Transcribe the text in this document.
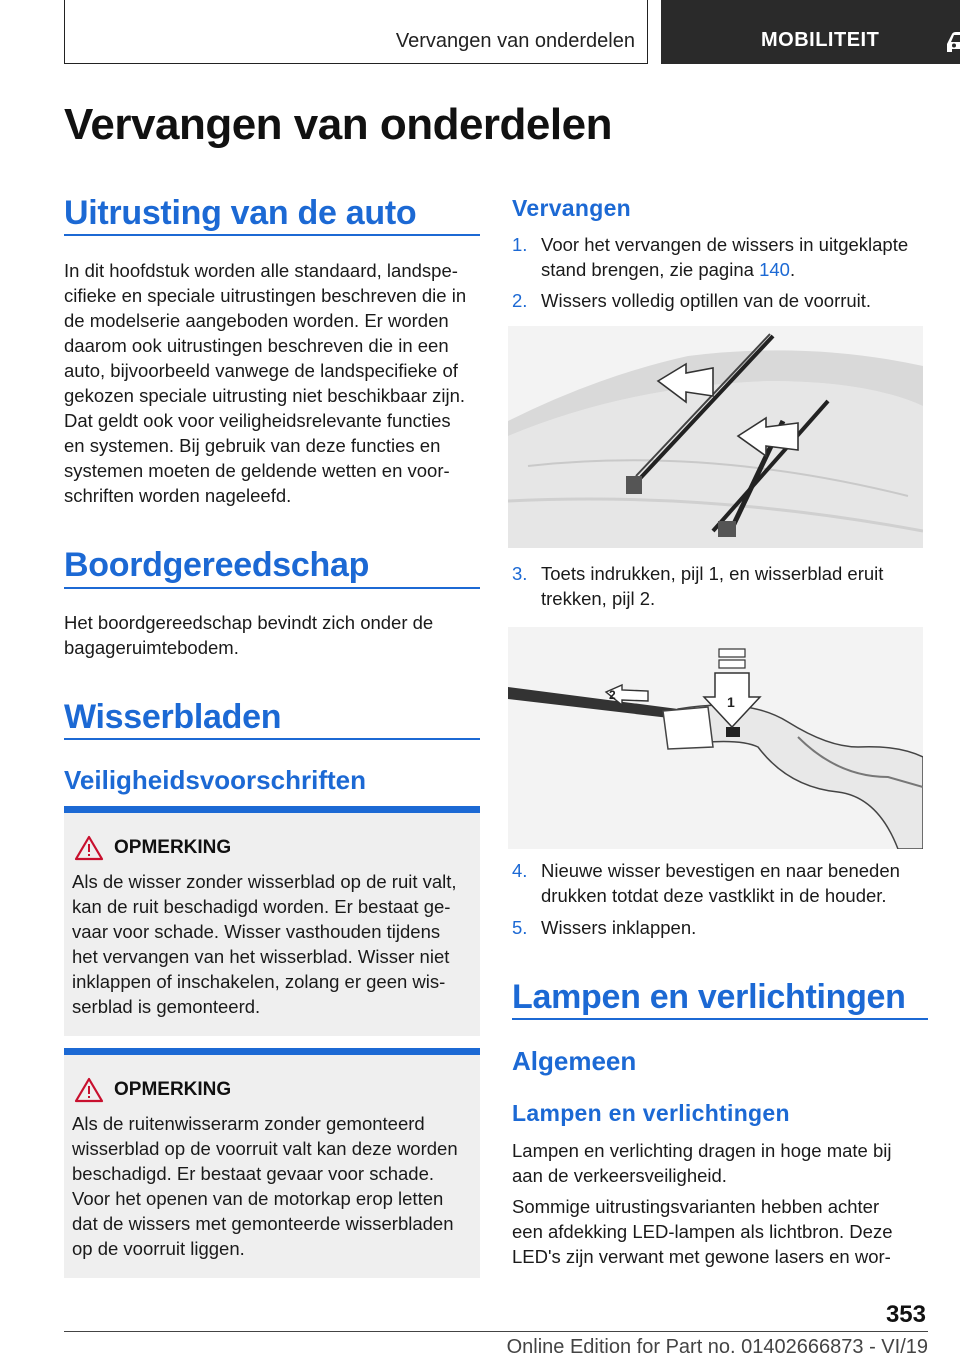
Vervangen van onderdelen	MOBILITEIT
Vervangen van onderdelen
Uitrusting van de auto
In dit hoofdstuk worden alle standaard, landspe‐
cifieke en speciale uitrustingen beschreven die in
de modelserie aangeboden worden. Er worden
daarom ook uitrustingen beschreven die in een
auto, bijvoorbeeld vanwege de landspecifieke of
gekozen speciale uitrusting niet beschikbaar zijn.
Dat geldt ook voor veiligheidsrelevante functies
en systemen. Bij gebruik van deze functies en
systemen moeten de geldende wetten en voor‐
schriften worden nageleefd.
Boordgereedschap
Het boordgereedschap bevindt zich onder de
bagageruimtebodem.
Wisserbladen
Veiligheidsvoorschriften
OPMERKING
Als de wisser zonder wisserblad op de ruit valt,
kan de ruit beschadigd worden. Er bestaat ge‐
vaar voor schade. Wisser vasthouden tijdens
het vervangen van het wisserblad. Wisser niet
inklappen of inschakelen, zolang er geen wis‐
serblad is gemonteerd.
OPMERKING
Als de ruitenwisserarm zonder gemonteerd
wisserblad op de voorruit valt kan deze worden
beschadigd. Er bestaat gevaar voor schade.
Voor het openen van de motorkap erop letten
dat de wissers met gemonteerde wisserbladen
op de voorruit liggen.
Vervangen
1. Voor het vervangen de wissers in uitgeklapte
stand brengen, zie pagina 140.
2. Wissers volledig optillen van de voorruit.
3. Toets indrukken, pijl 1, en wisserblad eruit
trekken, pijl 2.
2	1
4. Nieuwe wisser bevestigen en naar beneden
drukken totdat deze vastklikt in de houder.
5. Wissers inklappen.
Lampen en verlichtingen
Algemeen
Lampen en verlichtingen
Lampen en verlichting dragen in hoge mate bij
aan de verkeersveiligheid.
Sommige uitrustingsvarianten hebben achter
een afdekking LED-lampen als lichtbron. Deze
LED's zijn verwant met gewone lasers en wor‐
353
Online Edition for Part no. 01402666873 - VI/19
